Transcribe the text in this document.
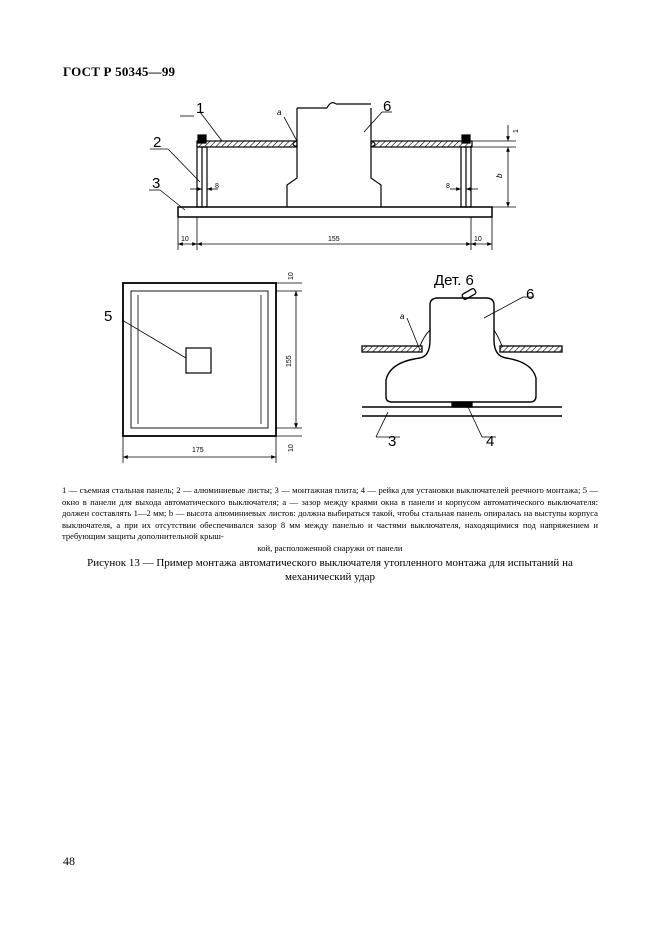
ГОСТ Р 50345—99
1
2
3
6
a
8	8
1
b
10	155	10
5
10
155
10
175
Дет. 6
6
a
3	4
1 — съемная стальная панель; 2 — алюминиевые листы; 3 — монтажная плита; 4 — рейка для установки выключателей реечного монтажа; 5 — окно в панели для выхода автоматического выключателя; a — зазор между краями окна в панели и корпусом автоматического выключателя: должен составлять 1—2 мм; b — высота алюминиевых листов: должна выбираться такой, чтобы стальная панель опиралась на выступы корпуса выключателя, а при их отсутствии обеспечивался зазор 8 мм между панелью и частями выключателя, находящимися под напряжением и требующим защиты дополнительной крыш-
кой, расположенной снаружи от панели
Рисунок 13 — Пример монтажа автоматического выключателя утопленного монтажа для испытаний на механический удар
48
